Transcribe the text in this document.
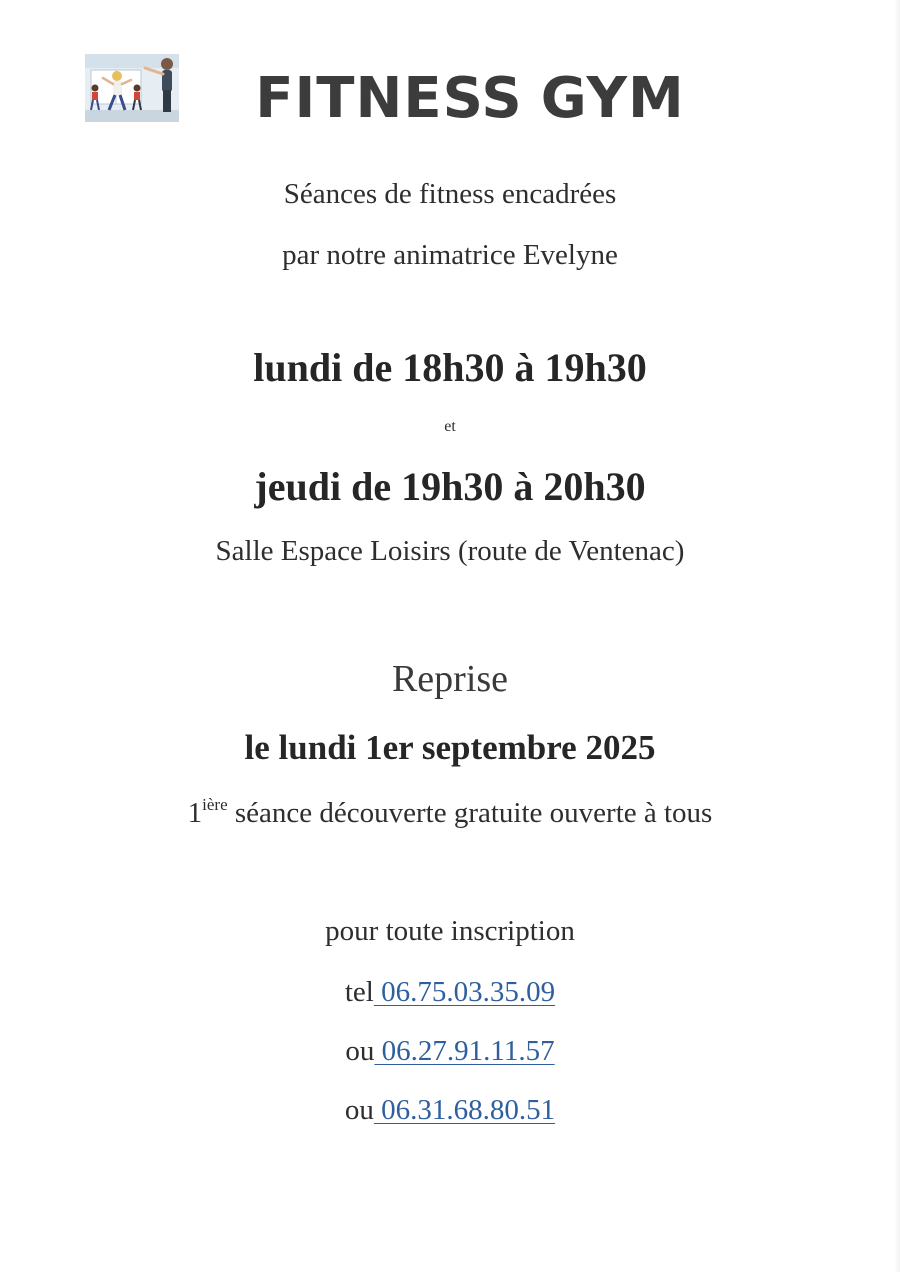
FITNESS GYM
Séances de fitness encadrées
par notre animatrice Evelyne
lundi de 18h30 à 19h30
et
jeudi de 19h30 à 20h30
Salle Espace Loisirs (route de Ventenac)
Reprise
le lundi 1er septembre 2025
$1^{ière}$ séance découverte gratuite ouverte à tous
pour toute inscription
tel 06.75.03.35.09
ou 06.27.91.11.57
ou 06.31.68.80.51
